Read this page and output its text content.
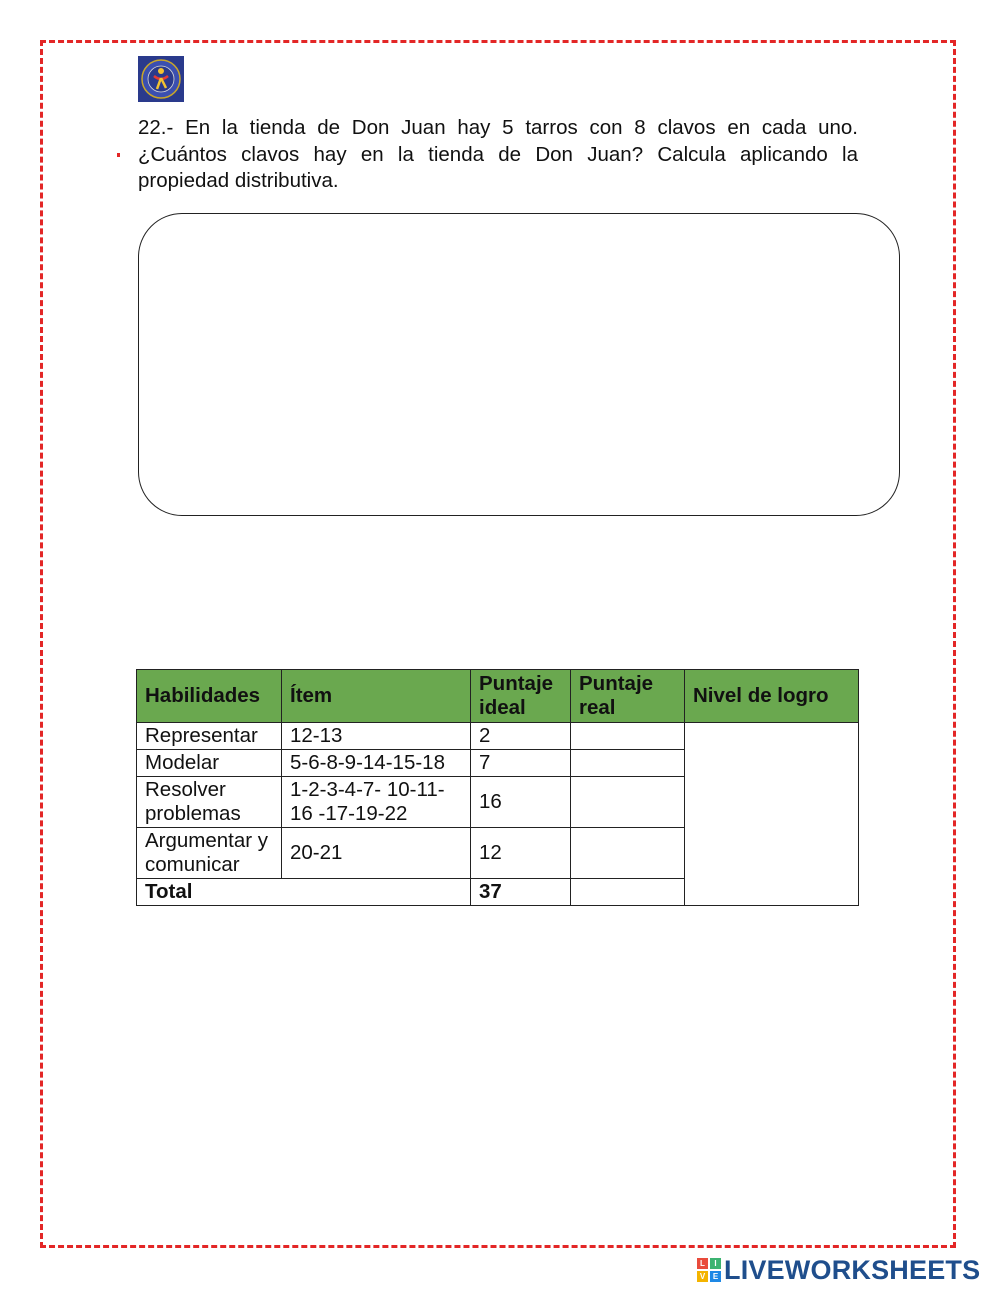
22.- En la tienda de Don Juan hay 5 tarros con 8 clavos en cada uno. ¿Cuántos clavos hay en la tienda de Don Juan? Calcula aplicando la propiedad distributiva.

Habilidades	Ítem	Puntaje ideal	Puntaje real	Nivel de logro
Representar	12-13	2		
Modelar	5-6-8-9-14-15-18	7		
Resolver problemas	1-2-3-4-7- 10-11-16 -17-19-22	16		
Argumentar y comunicar	20-21	12		
Total		37		
L	I
V E LIVEWORKSHEETS
